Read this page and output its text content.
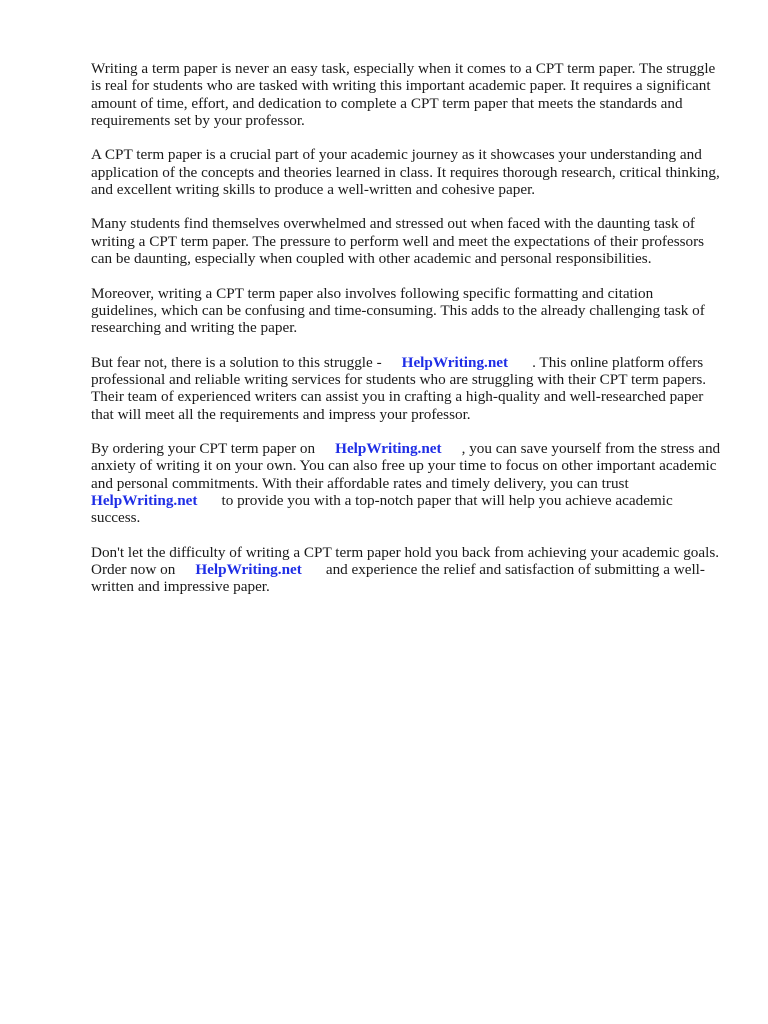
Writing a term paper is never an easy task, especially when it comes to a CPT term paper. The struggle is real for students who are tasked with writing this important academic paper. It requires a significant amount of time, effort, and dedication to complete a CPT term paper that meets the standards and requirements set by your professor.

A CPT term paper is a crucial part of your academic journey as it showcases your understanding and application of the concepts and theories learned in class. It requires thorough research, critical thinking, and excellent writing skills to produce a well-written and cohesive paper.

Many students find themselves overwhelmed and stressed out when faced with the daunting task of writing a CPT term paper. The pressure to perform well and meet the expectations of their professors can be daunting, especially when coupled with other academic and personal responsibilities.

Moreover, writing a CPT term paper also involves following specific formatting and citation guidelines, which can be confusing and time-consuming. This adds to the already challenging task of researching and writing the paper.

But fear not, there is a solution to this struggle - HelpWriting.net . This online platform offers professional and reliable writing services for students who are struggling with their CPT term papers. Their team of experienced writers can assist you in crafting a high-quality and well-researched paper that will meet all the requirements and impress your professor.

By ordering your CPT term paper on HelpWriting.net , you can save yourself from the stress and anxiety of writing it on your own. You can also free up your time to focus on other important academic and personal commitments. With their affordable rates and timely delivery, you can trustHelpWriting.net to provide you with a top-notch paper that will help you achieve academic success.

Don't let the difficulty of writing a CPT term paper hold you back from achieving your academic goals. Order now on HelpWriting.net and experience the relief and satisfaction of submitting a well-written and impressive paper.
